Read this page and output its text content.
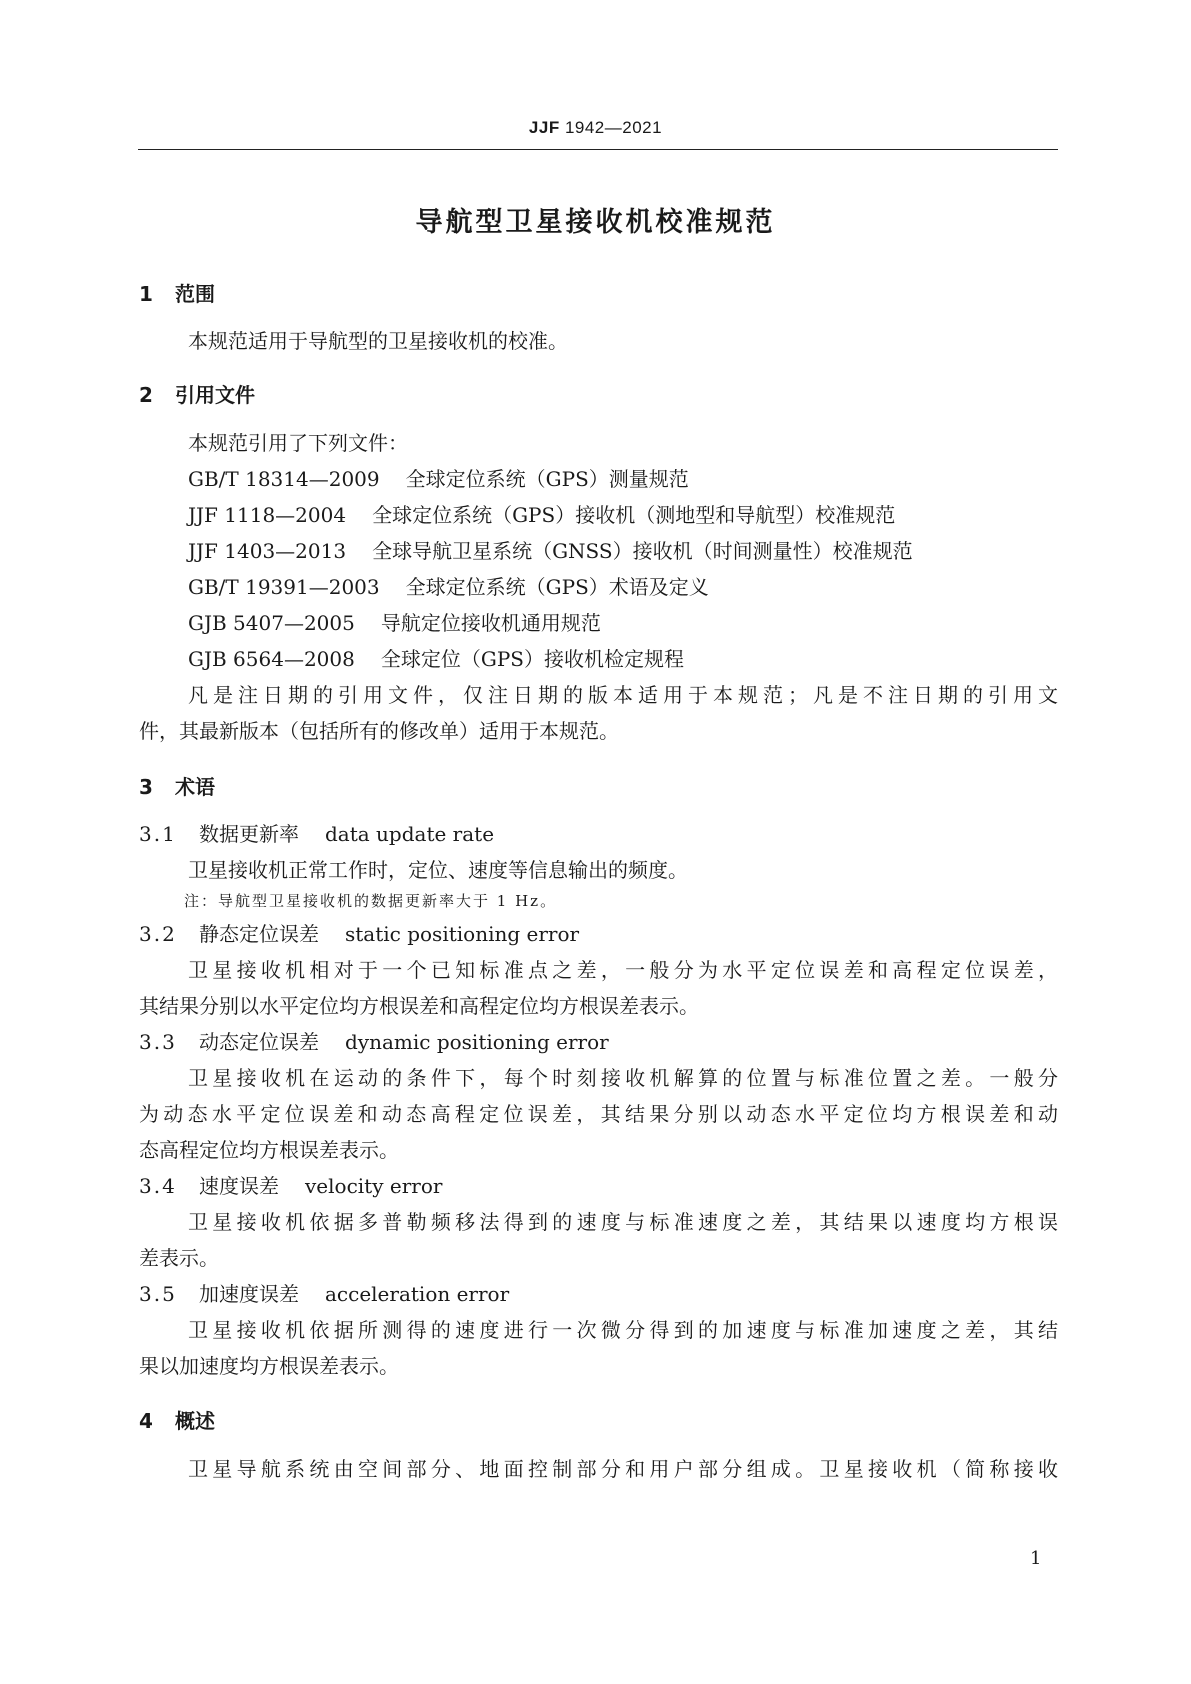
JJF 1942—2021
导航型卫星接收机校准规范
1 范围
本规范适用于导航型的卫星接收机的校准。
2 引用文件
本规范引用了下列文件：
GB/T 18314—2009 全球定位系统（GPS）测量规范
JJF 1118—2004 全球定位系统（GPS）接收机（测地型和导航型）校准规范
JJF 1403—2013 全球导航卫星系统（GNSS）接收机（时间测量性）校准规范
GB/T 19391—2003 全球定位系统（GPS）术语及定义
GJB 5407—2005 导航定位接收机通用规范
GJB 6564—2008 全球定位（GPS）接收机检定规程
凡是注日期的引用文件，仅注日期的版本适用于本规范；凡是不注日期的引用文
件，其最新版本（包括所有的修改单）适用于本规范。
3 术语
3.1 数据更新率 data update rate
卫星接收机正常工作时，定位、速度等信息输出的频度。
注：导航型卫星接收机的数据更新率大于 1 Hz。
3.2 静态定位误差 static positioning error
卫星接收机相对于一个已知标准点之差，一般分为水平定位误差和高程定位误差，
其结果分别以水平定位均方根误差和高程定位均方根误差表示。
3.3 动态定位误差 dynamic positioning error
卫星接收机在运动的条件下，每个时刻接收机解算的位置与标准位置之差。一般分
为动态水平定位误差和动态高程定位误差，其结果分别以动态水平定位均方根误差和动
态高程定位均方根误差表示。
3.4 速度误差 velocity error
卫星接收机依据多普勒频移法得到的速度与标准速度之差，其结果以速度均方根误
差表示。
3.5 加速度误差 acceleration error
卫星接收机依据所测得的速度进行一次微分得到的加速度与标准加速度之差，其结
果以加速度均方根误差表示。
4 概述
卫星导航系统由空间部分、地面控制部分和用户部分组成。卫星接收机（简称接收
1
